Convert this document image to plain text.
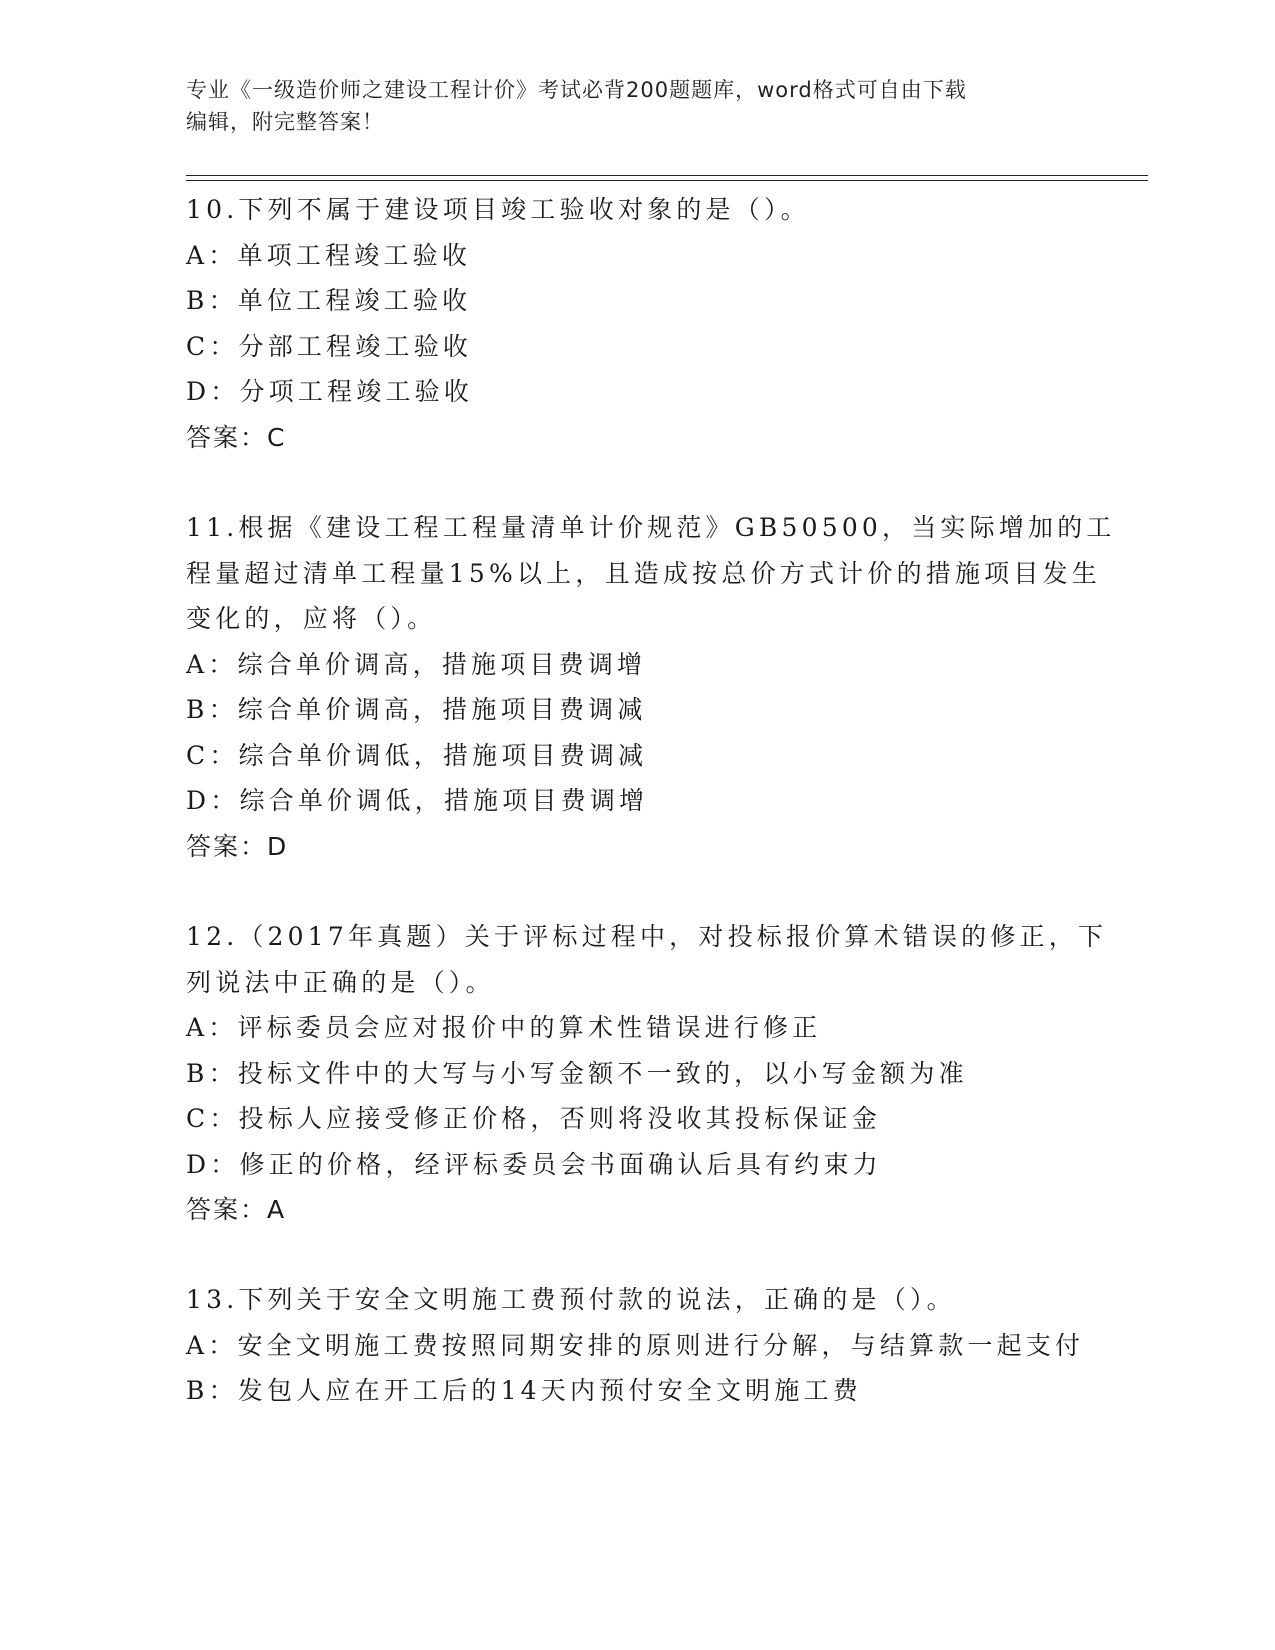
专业《一级造价师之建设工程计价》考试必背200题题库，word格式可自由下载
编辑，附完整答案！
10.下列不属于建设项目竣工验收对象的是（）。
A：单项工程竣工验收
B：单位工程竣工验收
C：分部工程竣工验收
D：分项工程竣工验收
答案：C
11.根据《建设工程工程量清单计价规范》GB50500，当实际增加的工
程量超过清单工程量15%以上，且造成按总价方式计价的措施项目发生
变化的，应将（）。
A：综合单价调高，措施项目费调增
B：综合单价调高，措施项目费调减
C：综合单价调低，措施项目费调减
D：综合单价调低，措施项目费调增
答案：D
12.（2017年真题）关于评标过程中，对投标报价算术错误的修正，下
列说法中正确的是（）。
A：评标委员会应对报价中的算术性错误进行修正
B：投标文件中的大写与小写金额不一致的，以小写金额为准
C：投标人应接受修正价格，否则将没收其投标保证金
D：修正的价格，经评标委员会书面确认后具有约束力
答案：A
13.下列关于安全文明施工费预付款的说法，正确的是（）。
A：安全文明施工费按照同期安排的原则进行分解，与结算款一起支付
B：发包人应在开工后的14天内预付安全文明施工费
